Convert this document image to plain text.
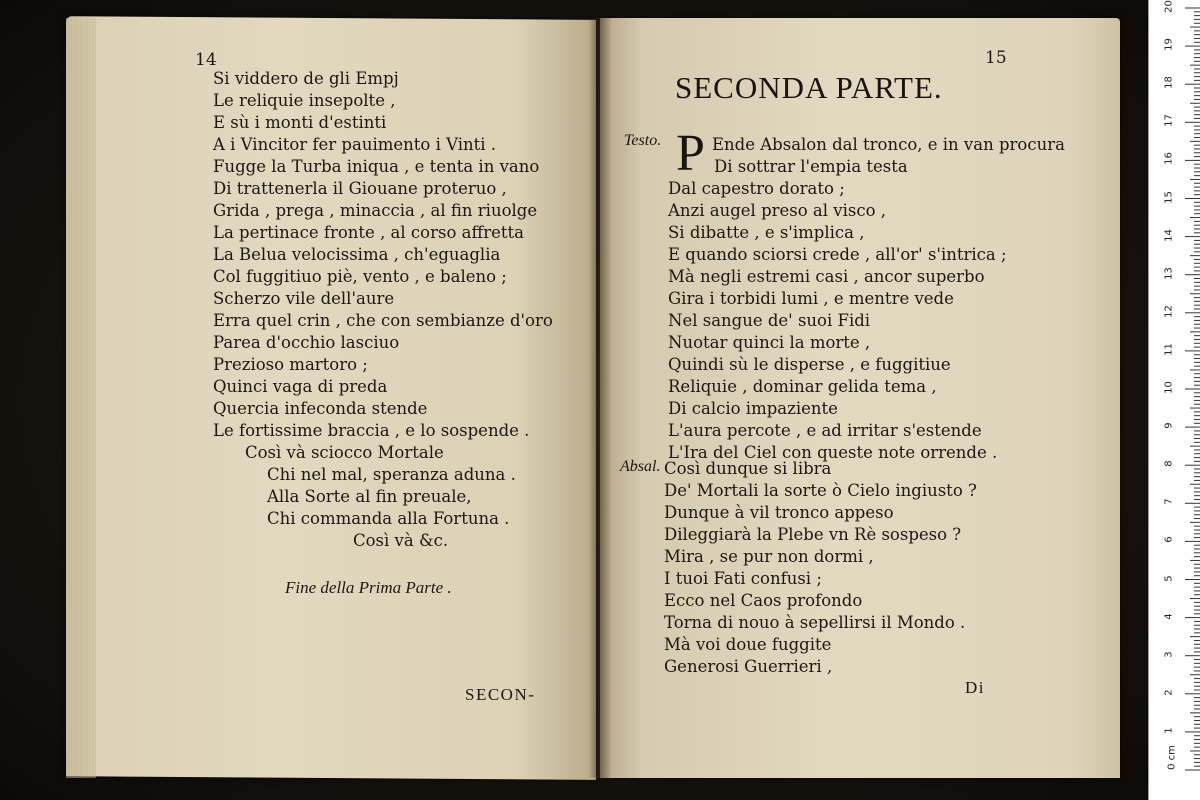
14
Si viddero de gli Empj
Le reliquie insepolte ,
E sù i monti d'estinti
A i Vincitor fer pauimento i Vinti .
Fugge la Turba iniqua , e tenta in vano
Di trattenerla il Giouane proteruo ,
Grida , prega , minaccia , al fin riuolge
La pertinace fronte , al corso affretta
La Belua velocissima , ch'eguaglia
Col fuggitiuo piè, vento , e baleno ;
Scherzo vile dell'aure
Erra quel crin , che con sembianze d'oro
Parea d'occhio lasciuo
Prezioso martoro ;
Quinci vaga di preda
Quercia infeconda stende
Le fortissime braccia , e lo sospende .
Così và sciocco Mortale
Chi nel mal, speranza aduna .
Alla Sorte al fin preuale,
Chi commanda alla Fortuna .
Così và &c.
Fine della Prima Parte .
SECON-
15
SECONDA PARTE.
Testo. P Ende Absalon dal tronco, e in van procura
Di sottrar l'empia testa
Dal capestro dorato ;
Anzi augel preso al visco ,
Si dibatte , e s'implica ,
E quando sciorsi crede , all'or' s'intrica ;
Mà negli estremi casi , ancor superbo
Gira i torbidi lumi , e mentre vede
Nel sangue de' suoi Fidi
Nuotar quinci la morte ,
Quindi sù le disperse , e fuggitiue
Reliquie , dominar gelida tema ,
Di calcio impaziente
L'aura percote , e ad irritar s'estende
L'Ira del Ciel con queste note orrende .
Absal. Così dunque si libra
De' Mortali la sorte ò Cielo ingiusto ?
Dunque à vil tronco appeso
Dileggiarà la Plebe vn Rè sospeso ?
Mira , se pur non dormi ,
I tuoi Fati confusi ;
Ecco nel Caos profondo
Torna di nouo à sepellirsi il Mondo .
Mà voi doue fuggite
Generosi Guerrieri ,
Di
1
2
3
4
5
6
7
8
9
10
11
12
13
14
15
16
17
18
19
20
0 cm
